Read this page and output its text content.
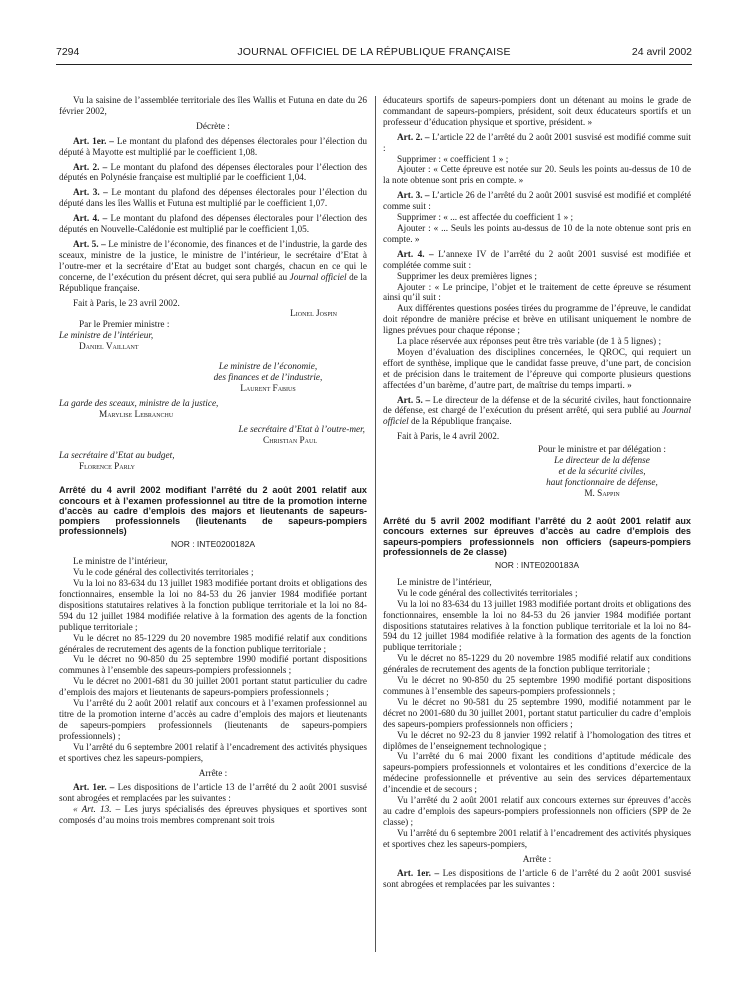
7294	JOURNAL OFFICIEL DE LA RÉPUBLIQUE FRANÇAISE	24 avril 2002

Vu la saisine de l’assemblée territoriale des îles Wallis et Futuna en date du 26 février 2002,

Décrète :

Art. 1er. – Le montant du plafond des dépenses électorales pour l’élection du député à Mayotte est multiplié par le coefficient 1,08.

Art. 2. – Le montant du plafond des dépenses électorales pour l’élection des députés en Polynésie française est multiplié par le coefficient 1,04.

Art. 3. – Le montant du plafond des dépenses électorales pour l’élection du député dans les îles Wallis et Futuna est multiplié par le coefficient 1,07.

Art. 4. – Le montant du plafond des dépenses électorales pour l’élection des députés en Nouvelle-Calédonie est multiplié par le coefficient 1,05.

Art. 5. – Le ministre de l’économie, des finances et de l’industrie, la garde des sceaux, ministre de la justice, le ministre de l’intérieur, le secrétaire d’Etat à l’outre-mer et la secrétaire d’Etat au budget sont chargés, chacun en ce qui le concerne, de l’exécution du présent décret, qui sera publié au Journal officiel de la République française.

Fait à Paris, le 23 avril 2002.

Lionel Jospin

Par le Premier ministre :

Le ministre de l’intérieur,

Daniel Vaillant

Le ministre de l’économie,

des finances et de l’industrie,

Laurent Fabius

La garde des sceaux, ministre de la justice,

Marylise Lebranchu

Le secrétaire d’Etat à l’outre-mer,

Christian Paul

La secrétaire d’Etat au budget,

Florence Parly

Arrêté du 4 avril 2002 modifiant l’arrêté du 2 août 2001 relatif aux concours et à l’examen professionnel au titre de la promotion interne d’accès au cadre d’emplois des majors et lieutenants de sapeurs-pompiers professionnels (lieutenants de sapeurs-pompiers professionnels)

NOR : INTE0200182A

Le ministre de l’intérieur,

Vu le code général des collectivités territoriales ;

Vu la loi no 83-634 du 13 juillet 1983 modifiée portant droits et obligations des fonctionnaires, ensemble la loi no 84-53 du 26 janvier 1984 modifiée portant dispositions statutaires relatives à la fonction publique territoriale et la loi no 84-594 du 12 juillet 1984 modifiée relative à la formation des agents de la fonction publique territoriale ;

Vu le décret no 85-1229 du 20 novembre 1985 modifié relatif aux conditions générales de recrutement des agents de la fonction publique territoriale ;

Vu le décret no 90-850 du 25 septembre 1990 modifié portant dispositions communes à l’ensemble des sapeurs-pompiers professionnels ;

Vu le décret no 2001-681 du 30 juillet 2001 portant statut particulier du cadre d’emplois des majors et lieutenants de sapeurs-pompiers professionnels ;

Vu l’arrêté du 2 août 2001 relatif aux concours et à l’examen professionnel au titre de la promotion interne d’accès au cadre d’emplois des majors et lieutenants de sapeurs-pompiers professionnels (lieutenants de sapeurs-pompiers professionnels) ;

Vu l’arrêté du 6 septembre 2001 relatif à l’encadrement des activités physiques et sportives chez les sapeurs-pompiers,

Arrête :

Art. 1er. – Les dispositions de l’article 13 de l’arrêté du 2 août 2001 susvisé sont abrogées et remplacées par les suivantes :

« Art. 13. – Les jurys spécialisés des épreuves physiques et sportives sont composés d’au moins trois membres comprenant soit trois

éducateurs sportifs de sapeurs-pompiers dont un détenant au moins le grade de commandant de sapeurs-pompiers, président, soit deux éducateurs sportifs et un professeur d’éducation physique et sportive, président. »

Art. 2. – L’article 22 de l’arrêté du 2 août 2001 susvisé est modifié comme suit :

Supprimer : « coefficient 1 » ;

Ajouter : « Cette épreuve est notée sur 20. Seuls les points au-dessus de 10 de la note obtenue sont pris en compte. »

Art. 3. – L’article 26 de l’arrêté du 2 août 2001 susvisé est modifié et complété comme suit :

Supprimer : « ... est affectée du coefficient 1 » ;

Ajouter : « ... Seuls les points au-dessus de 10 de la note obtenue sont pris en compte. »

Art. 4. – L’annexe IV de l’arrêté du 2 août 2001 susvisé est modifiée et complétée comme suit :

Supprimer les deux premières lignes ;

Ajouter : « Le principe, l’objet et le traitement de cette épreuve se résument ainsi qu’il suit :

Aux différentes questions posées tirées du programme de l’épreuve, le candidat doit répondre de manière précise et brève en utilisant uniquement le nombre de lignes prévues pour chaque réponse ;

La place réservée aux réponses peut être très variable (de 1 à 5 lignes) ;

Moyen d’évaluation des disciplines concernées, le QROC, qui requiert un effort de synthèse, implique que le candidat fasse preuve, d’une part, de concision et de précision dans le traitement de l’épreuve qui comporte plusieurs questions affectées d’un barème, d’autre part, de maîtrise du temps imparti. »

Art. 5. – Le directeur de la défense et de la sécurité civiles, haut fonctionnaire de défense, est chargé de l’exécution du présent arrêté, qui sera publié au Journal officiel de la République française.

Fait à Paris, le 4 avril 2002.

Pour le ministre et par délégation :

Le directeur de la défense

et de la sécurité civiles,

haut fonctionnaire de défense,

M. Sappin

Arrêté du 5 avril 2002 modifiant l’arrêté du 2 août 2001 relatif aux concours externes sur épreuves d’accès au cadre d’emplois des sapeurs-pompiers professionnels non officiers (sapeurs-pompiers professionnels de 2e classe)

NOR : INTE0200183A

Le ministre de l’intérieur,

Vu le code général des collectivités territoriales ;

Vu la loi no 83-634 du 13 juillet 1983 modifiée portant droits et obligations des fonctionnaires, ensemble la loi no 84-53 du 26 janvier 1984 modifiée portant dispositions statutaires relatives à la fonction publique territoriale et la loi no 84-594 du 12 juillet 1984 modifiée relative à la formation des agents de la fonction publique territoriale ;

Vu le décret no 85-1229 du 20 novembre 1985 modifié relatif aux conditions générales de recrutement des agents de la fonction publique territoriale ;

Vu le décret no 90-850 du 25 septembre 1990 modifié portant dispositions communes à l’ensemble des sapeurs-pompiers professionnels ;

Vu le décret no 90-581 du 25 septembre 1990, modifié notamment par le décret no 2001-680 du 30 juillet 2001, portant statut particulier du cadre d’emplois des sapeurs-pompiers professionnels non officiers ;

Vu le décret no 92-23 du 8 janvier 1992 relatif à l’homologation des titres et diplômes de l’enseignement technologique ;

Vu l’arrêté du 6 mai 2000 fixant les conditions d’aptitude médicale des sapeurs-pompiers professionnels et volontaires et les conditions d’exercice de la médecine professionnelle et préventive au sein des services départementaux d’incendie et de secours ;

Vu l’arrêté du 2 août 2001 relatif aux concours externes sur épreuves d’accès au cadre d’emplois des sapeurs-pompiers professionnels non officiers (SPP de 2e classe) ;

Vu l’arrêté du 6 septembre 2001 relatif à l’encadrement des activités physiques et sportives chez les sapeurs-pompiers,

Arrête :

Art. 1er. – Les dispositions de l’article 6 de l’arrêté du 2 août 2001 susvisé sont abrogées et remplacées par les suivantes :
